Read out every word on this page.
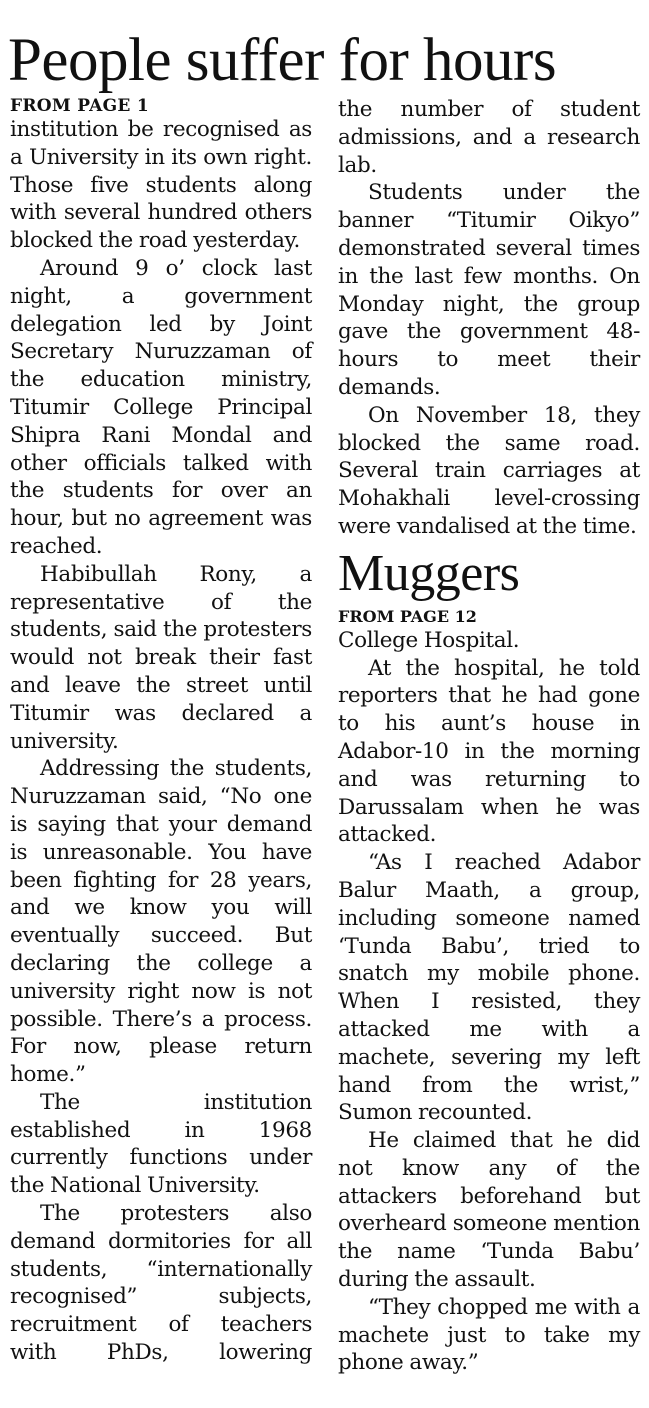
People suffer for hours

FROM PAGE 1

institution be recognised as a University in its own right. Those five students along with several hundred others blocked the road yesterday.

Around 9 o’ clock last night, a government delegation led by Joint Secretary Nuruzzaman of the education ministry, Titumir College Principal Shipra Rani Mondal and other officials talked with the students for over an hour, but no agreement was reached.

Habibullah Rony, a representative of the students, said the protesters would not break their fast and leave the street until Titumir was declared a university.

Addressing the students, Nuruzzaman said, “No one is saying that your demand is unreasonable. You have been fighting for 28 years, and we know you will eventually succeed. But declaring the college a university right now is not possible. There’s a process. For now, please return home.”

The institution established in 1968 currently functions under the National University.

The protesters also demand dormitories for all students, “internationally recognised” subjects, recruitment of teachers with PhDs, lowering

the number of student admissions, and a research lab.

Students under the banner “Titumir Oikyo” demonstrated several times in the last few months. On Monday night, the group gave the government 48-hours to meet their demands.

On November 18, they blocked the same road. Several train carriages at Mohakhali level-crossing were vandalised at the time.

Muggers

FROM PAGE 12

College Hospital.

At the hospital, he told reporters that he had gone to his aunt’s house in Adabor-10 in the morning and was returning to Darussalam when he was attacked.

“As I reached Adabor Balur Maath, a group, including someone named ‘Tunda Babu’, tried to snatch my mobile phone. When I resisted, they attacked me with a machete, severing my left hand from the wrist,” Sumon recounted.

He claimed that he did not know any of the attackers beforehand but overheard someone mention the name ‘Tunda Babu’ during the assault.

“They chopped me with a machete just to take my phone away.”
